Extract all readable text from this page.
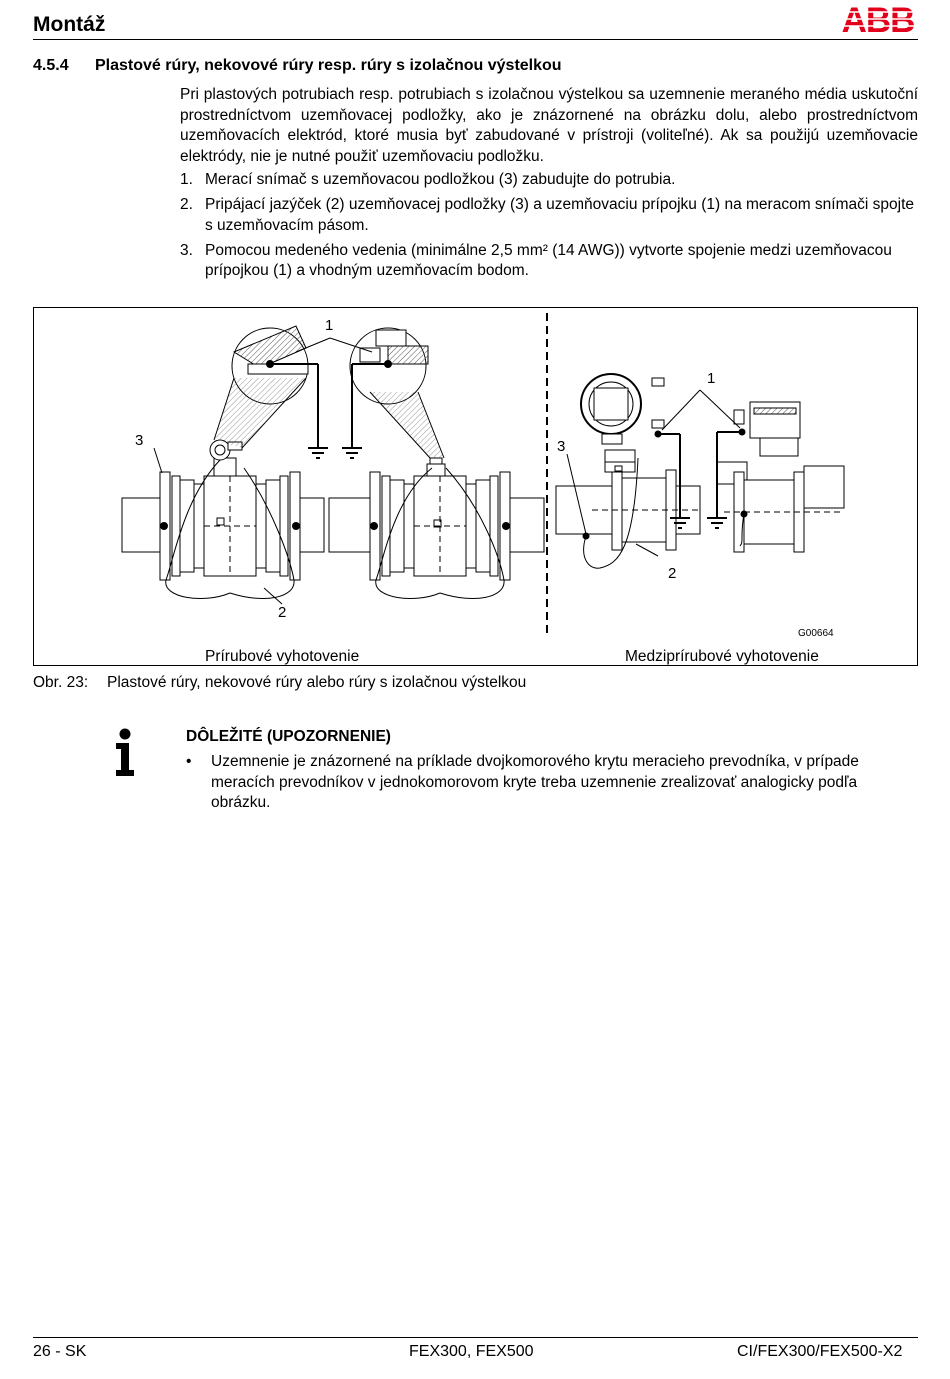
Montáž	ABB
4.5.4 Plastové rúry, nekovové rúry resp. rúry s izolačnou výstelkou
Pri plastových potrubiach resp. potrubiach s izolačnou výstelkou sa uzemnenie meraného média uskutoční prostredníctvom uzemňovacej podložky, ako je znázornené na obrázku dolu, alebo prostredníctvom uzemňovacích elektród, ktoré musia byť zabudované v prístroji (voliteľné). Ak sa použijú uzemňovacie elektródy, nie je nutné použiť uzemňovaciu podložku.
1. Merací snímač s uzemňovacou podložkou (3) zabudujte do potrubia.
2. Pripájací jazýček (2) uzemňovacej podložky (3) a uzemňovaciu prípojku (1) na meracom snímači spojte s uzemňovacím pásom.
3. Pomocou medeného vedenia (minimálne 2,5 mm² (14 AWG)) vytvorte spojenie medzi uzemňovacou prípojkou (1) a vhodným uzemňovacím bodom.
1
3
2
1
3
2
G00664
Prírubové vyhotovenie	Medziprírubové vyhotovenie
Obr. 23: Plastové rúry, nekovové rúry alebo rúry s izolačnou výstelkou
DÔLEŽITÉ (UPOZORNENIE)
•	Uzemnenie je znázornené na príklade dvojkomorového krytu meracieho prevodníka, v prípade meracích prevodníkov v jednokomorovom kryte treba uzemnenie zrealizovať analogicky podľa obrázku.
26 - SK	FEX300, FEX500	CI/FEX300/FEX500-X2
